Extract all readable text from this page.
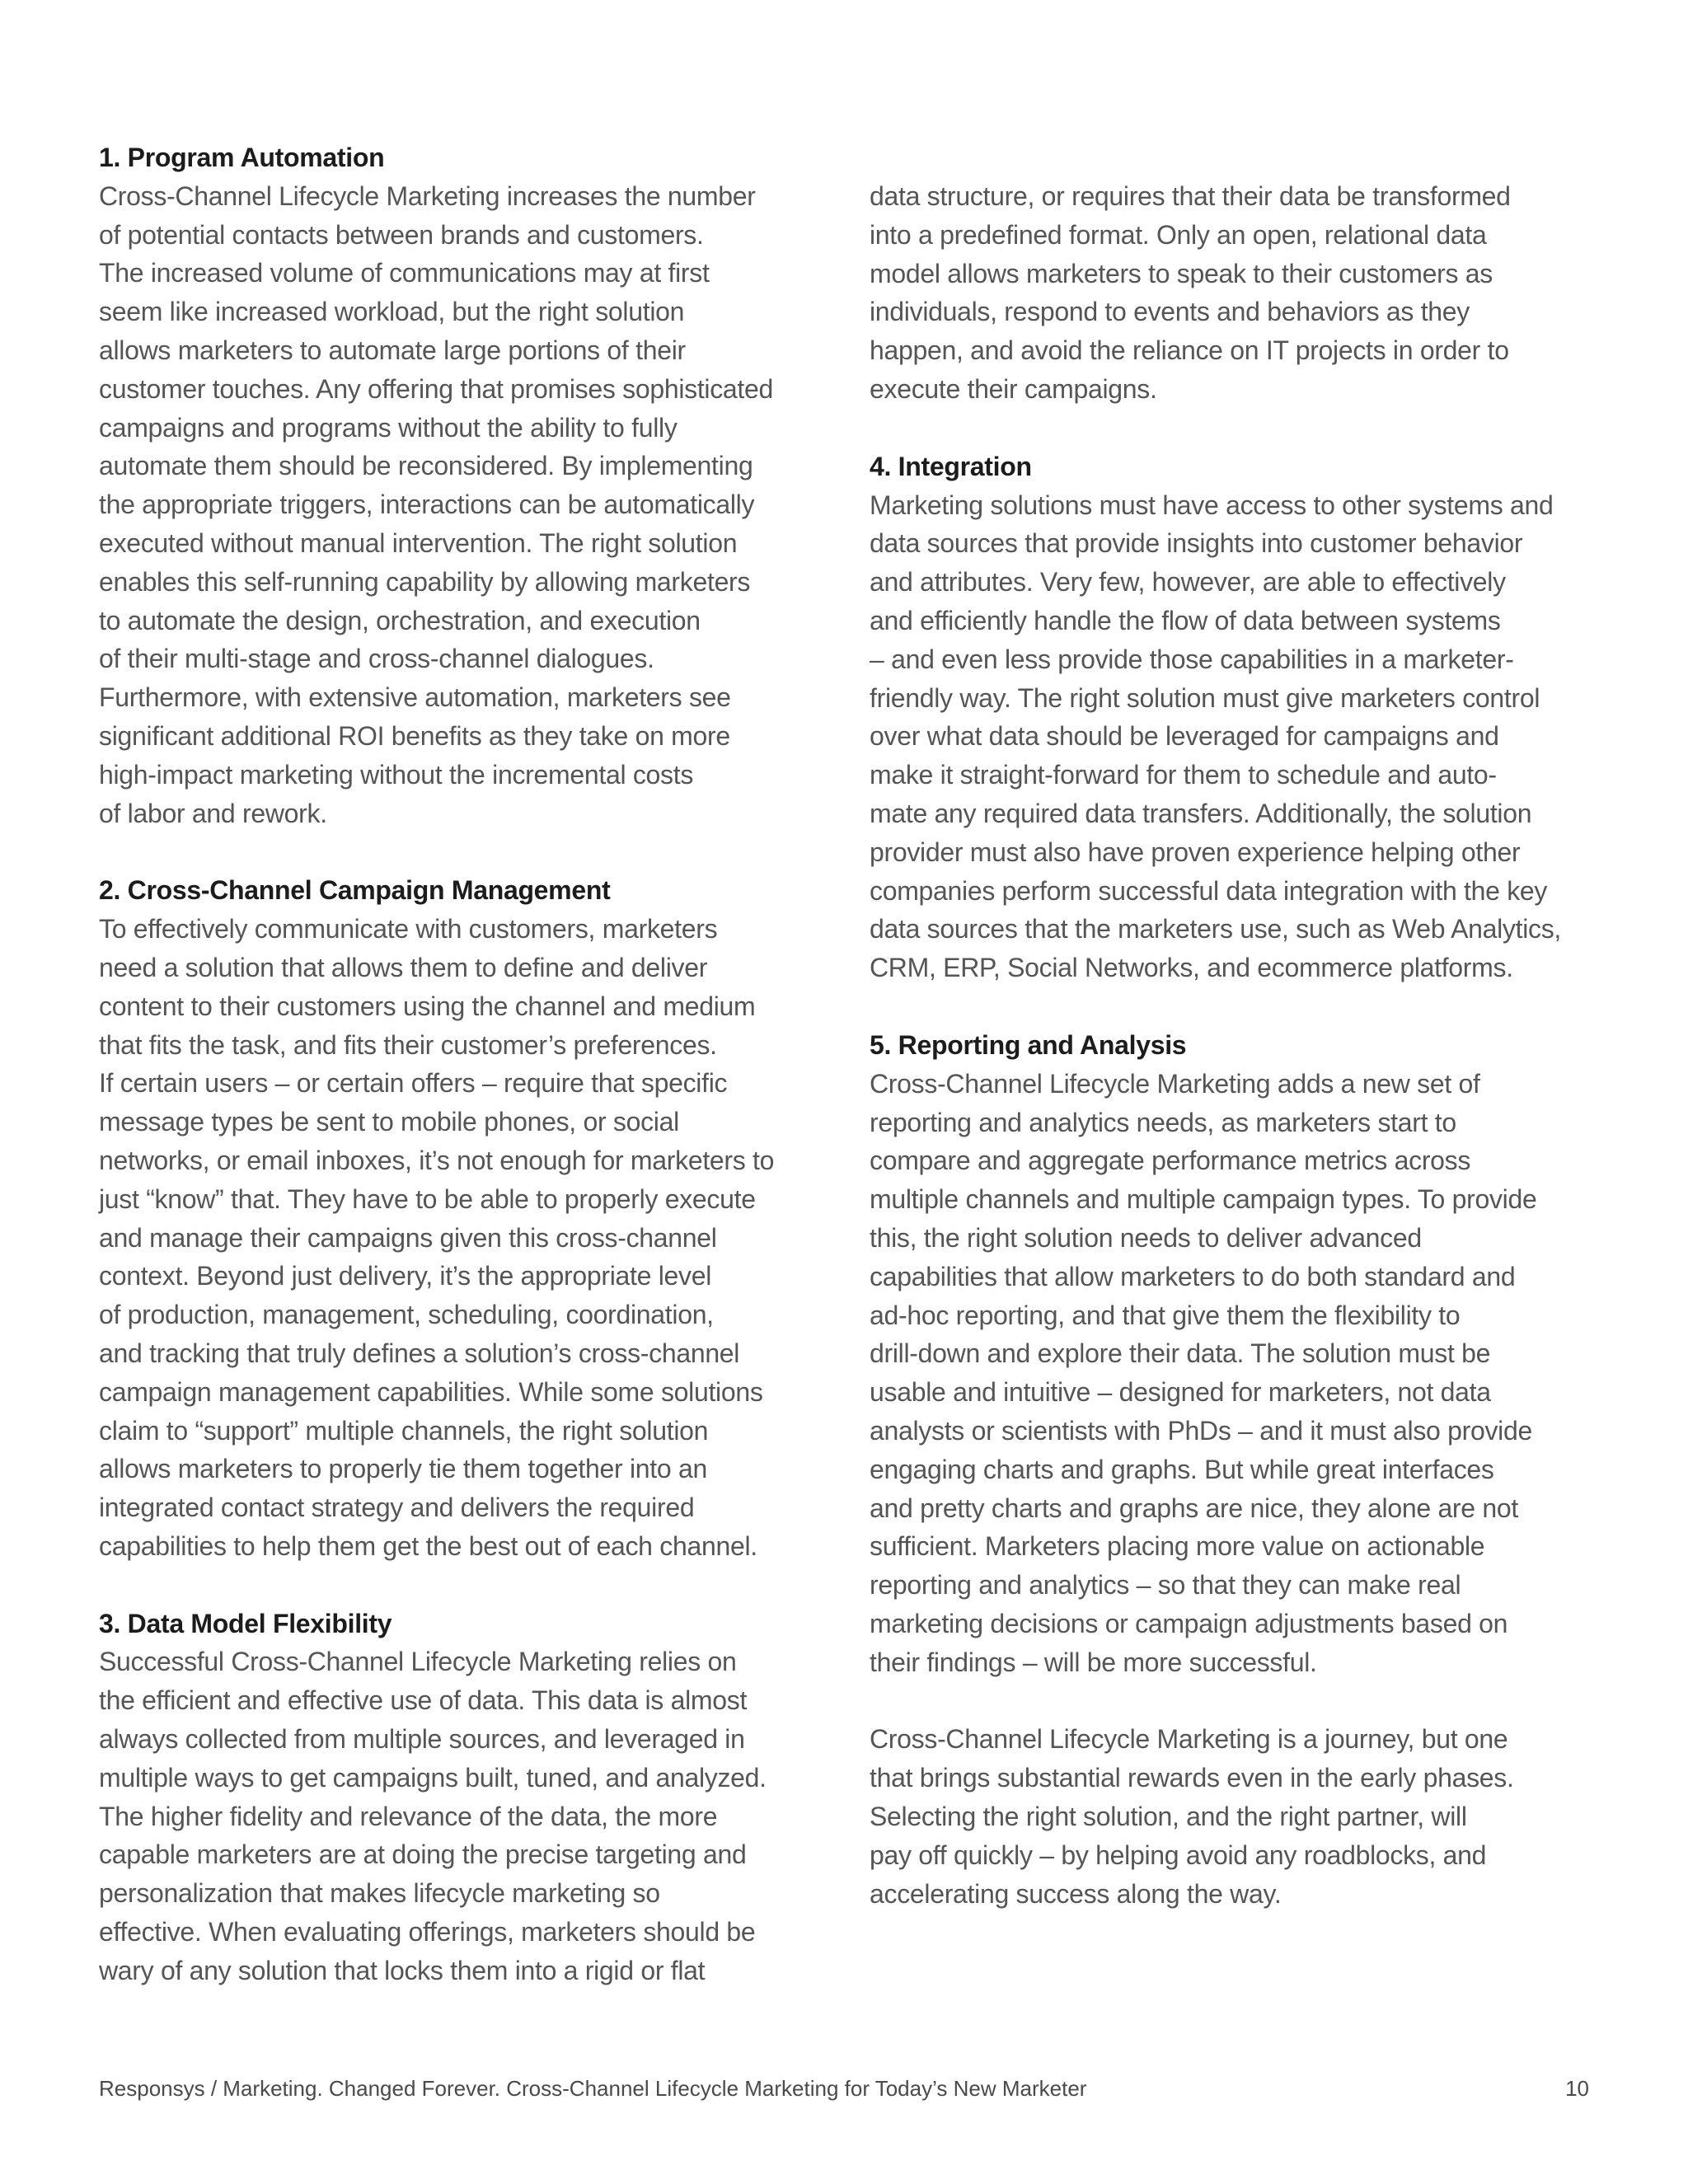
1. Program Automation

Cross-Channel Lifecycle Marketing increases the number
of potential contacts between brands and customers.
The increased volume of communications may at first
seem like increased workload, but the right solution
allows marketers to automate large portions of their
customer touches. Any offering that promises sophisticated
campaigns and programs without the ability to fully
automate them should be reconsidered. By implementing
the appropriate triggers, interactions can be automatically
executed without manual intervention. The right solution
enables this self-running capability by allowing marketers
to automate the design, orchestration, and execution
of their multi-stage and cross-channel dialogues.
Furthermore, with extensive automation, marketers see
significant additional ROI benefits as they take on more
high-impact marketing without the incremental costs
of labor and rework.

2. Cross-Channel Campaign Management

To effectively communicate with customers, marketers
need a solution that allows them to define and deliver
content to their customers using the channel and medium
that fits the task, and fits their customer’s preferences.
If certain users – or certain offers – require that specific
message types be sent to mobile phones, or social
networks, or email inboxes, it’s not enough for marketers to
just “know” that. They have to be able to properly execute
and manage their campaigns given this cross-channel
context. Beyond just delivery, it’s the appropriate level
of production, management, scheduling, coordination,
and tracking that truly defines a solution’s cross-channel
campaign management capabilities. While some solutions
claim to “support” multiple channels, the right solution
allows marketers to properly tie them together into an
integrated contact strategy and delivers the required
capabilities to help them get the best out of each channel.

3. Data Model Flexibility

Successful Cross-Channel Lifecycle Marketing relies on
the efficient and effective use of data. This data is almost
always collected from multiple sources, and leveraged in
multiple ways to get campaigns built, tuned, and analyzed.
The higher fidelity and relevance of the data, the more
capable marketers are at doing the precise targeting and
personalization that makes lifecycle marketing so
effective. When evaluating offerings, marketers should be
wary of any solution that locks them into a rigid or flat

data structure, or requires that their data be transformed
into a predefined format. Only an open, relational data
model allows marketers to speak to their customers as
individuals, respond to events and behaviors as they
happen, and avoid the reliance on IT projects in order to
execute their campaigns.

4. Integration

Marketing solutions must have access to other systems and
data sources that provide insights into customer behavior
and attributes. Very few, however, are able to effectively
and efficiently handle the flow of data between systems
– and even less provide those capabilities in a marketer-
friendly way. The right solution must give marketers control
over what data should be leveraged for campaigns and
make it straight-forward for them to schedule and auto-
mate any required data transfers. Additionally, the solution
provider must also have proven experience helping other
companies perform successful data integration with the key
data sources that the marketers use, such as Web Analytics,
CRM, ERP, Social Networks, and ecommerce platforms.

5. Reporting and Analysis

Cross-Channel Lifecycle Marketing adds a new set of
reporting and analytics needs, as marketers start to
compare and aggregate performance metrics across
multiple channels and multiple campaign types. To provide
this, the right solution needs to deliver advanced
capabilities that allow marketers to do both standard and
ad-hoc reporting, and that give them the flexibility to
drill-down and explore their data. The solution must be
usable and intuitive – designed for marketers, not data
analysts or scientists with PhDs – and it must also provide
engaging charts and graphs. But while great interfaces
and pretty charts and graphs are nice, they alone are not
sufficient. Marketers placing more value on actionable
reporting and analytics – so that they can make real
marketing decisions or campaign adjustments based on
their findings – will be more successful.

Cross-Channel Lifecycle Marketing is a journey, but one
that brings substantial rewards even in the early phases.
Selecting the right solution, and the right partner, will
pay off quickly – by helping avoid any roadblocks, and
accelerating success along the way.

Responsys / Marketing. Changed Forever. Cross-Channel Lifecycle Marketing for Today’s New Marketer	10
